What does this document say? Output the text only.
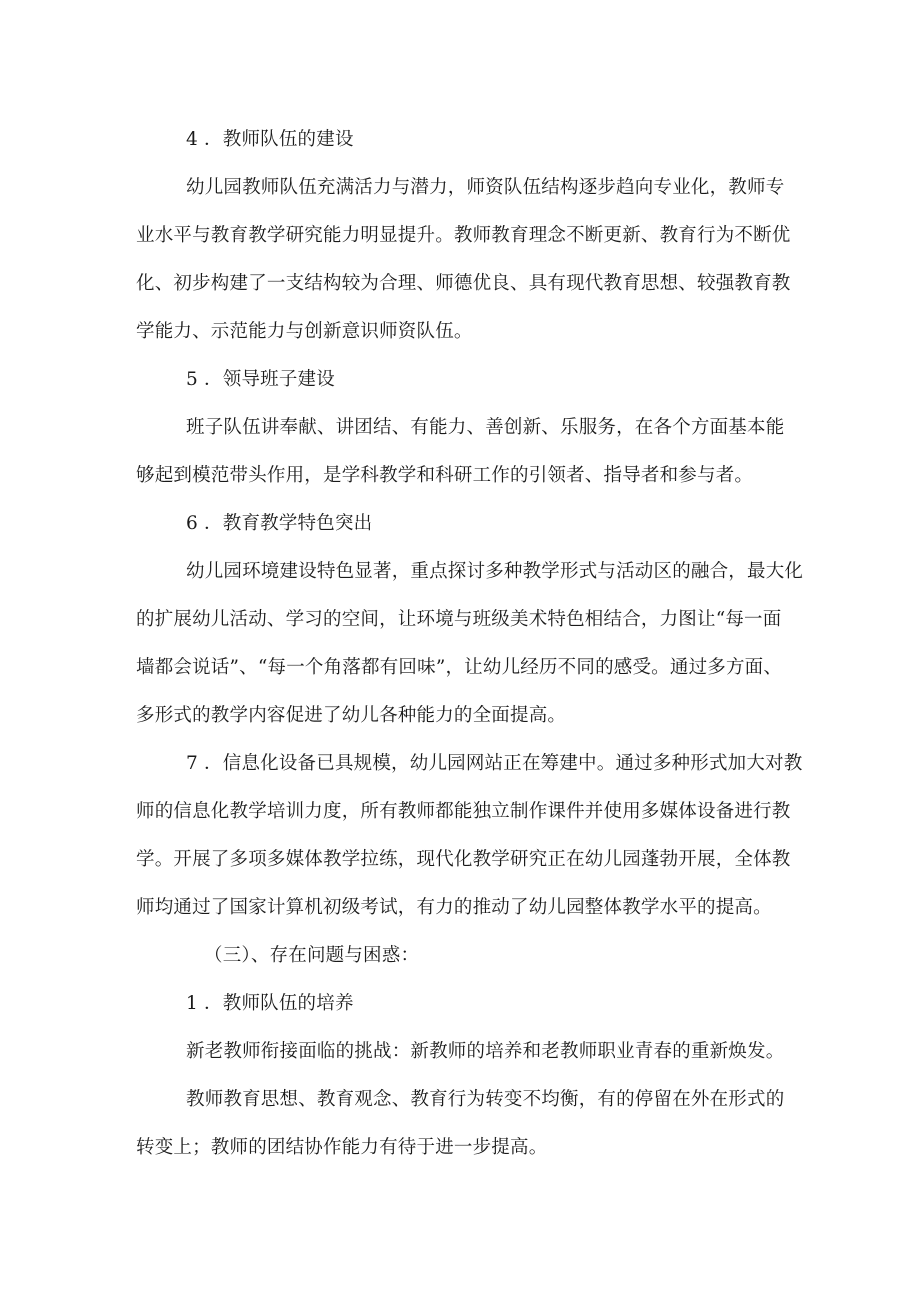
4 ．教师队伍的建设

幼儿园教师队伍充满活力与潜力，师资队伍结构逐步趋向专业化，教师专

业水平与教育教学研究能力明显提升。教师教育理念不断更新、教育行为不断优

化、初步构建了一支结构较为合理、师德优良、具有现代教育思想、较强教育教

学能力、示范能力与创新意识师资队伍。

5 ．领导班子建设

班子队伍讲奉献、讲团结、有能力、善创新、乐服务，在各个方面基本能

够起到模范带头作用，是学科教学和科研工作的引领者、指导者和参与者。

6 ．教育教学特色突出

幼儿园环境建设特色显著，重点探讨多种教学形式与活动区的融合，最大化

的扩展幼儿活动、学习的空间，让环境与班级美术特色相结合，力图让“每一面

墙都会说话”、“每一个角落都有回味”，让幼儿经历不同的感受。通过多方面、

多形式的教学内容促进了幼儿各种能力的全面提高。

7 ．信息化设备已具规模，幼儿园网站正在筹建中。通过多种形式加大对教

师的信息化教学培训力度，所有教师都能独立制作课件并使用多媒体设备进行教

学。开展了多项多媒体教学拉练，现代化教学研究正在幼儿园蓬勃开展，全体教

师均通过了国家计算机初级考试，有力的推动了幼儿园整体教学水平的提高。

（三）、存在问题与困惑：

1 ．教师队伍的培养

新老教师衔接面临的挑战：新教师的培养和老教师职业青春的重新焕发。

教师教育思想、教育观念、教育行为转变不均衡，有的停留在外在形式的

转变上；教师的团结协作能力有待于进一步提高。
